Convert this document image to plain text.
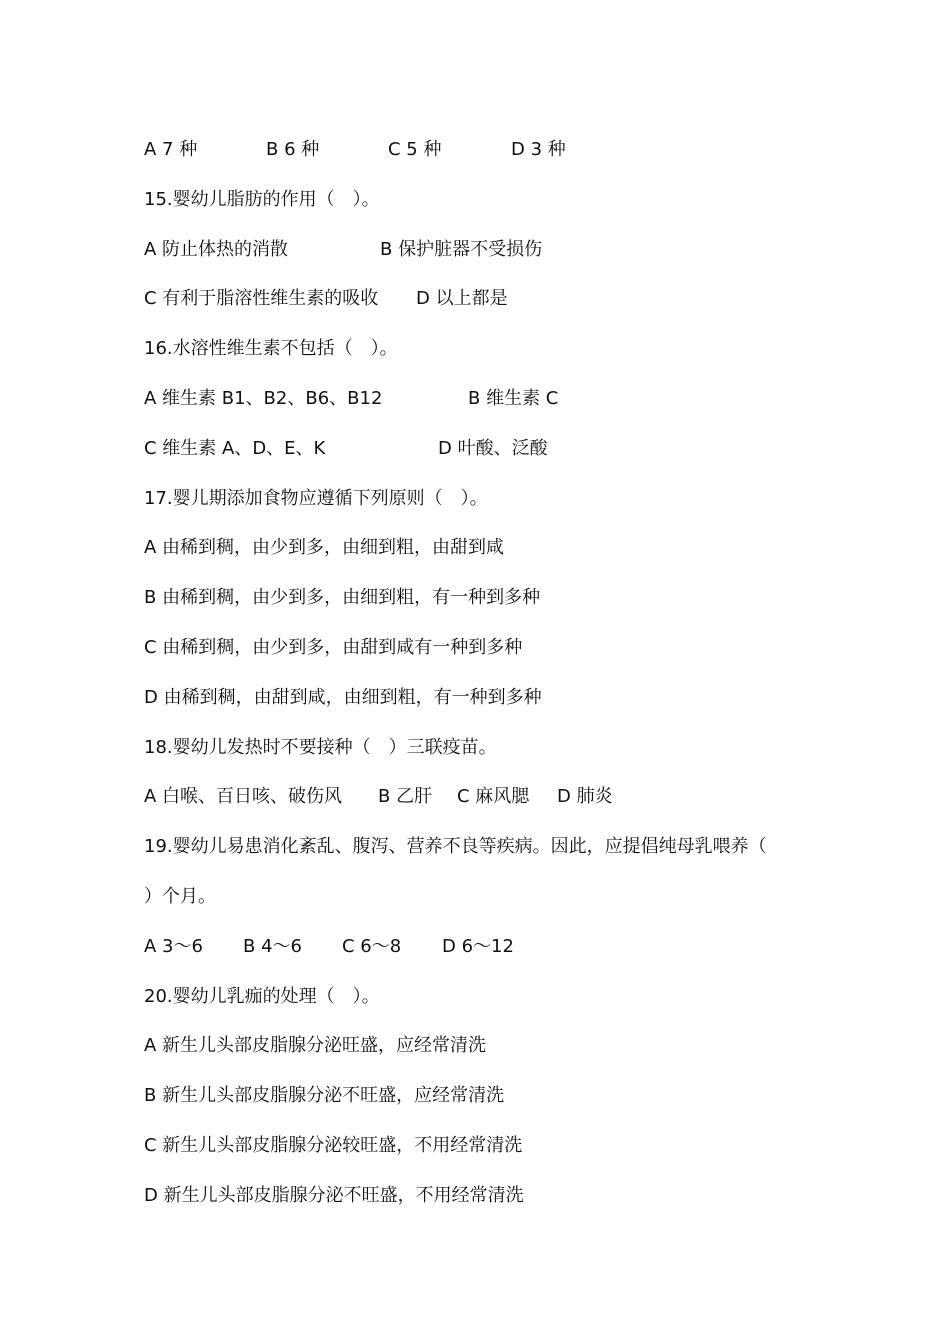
A 7 种	B 6 种	C 5 种	D 3 种
15.婴幼儿脂肪的作用（　）。
A 防止体热的消散	B 保护脏器不受损伤
C 有利于脂溶性维生素的吸收 D 以上都是
16.水溶性维生素不包括（　）。
A 维生素 B1、B2、B6、B12	B 维生素 C
C 维生素 A、D、E、K	D 叶酸、泛酸
17.婴儿期添加食物应遵循下列原则（　）。
A 由稀到稠，由少到多，由细到粗，由甜到咸
B 由稀到稠，由少到多，由细到粗，有一种到多种
C 由稀到稠，由少到多，由甜到咸有一种到多种
D 由稀到稠，由甜到咸，由细到粗，有一种到多种
18.婴幼儿发热时不要接种（　）三联疫苗。
A 白喉、百日咳、破伤风 B 乙肝 C 麻风腮 D 肺炎
19.婴幼儿易患消化紊乱、腹泻、营养不良等疾病。因此，应提倡纯母乳喂养（
）个月。
A 3～6 B 4～6 C 6～8 D 6～12
20.婴幼儿乳痂的处理（　）。
A 新生儿头部皮脂腺分泌旺盛，应经常清洗
B 新生儿头部皮脂腺分泌不旺盛，应经常清洗
C 新生儿头部皮脂腺分泌较旺盛，不用经常清洗
D 新生儿头部皮脂腺分泌不旺盛，不用经常清洗
